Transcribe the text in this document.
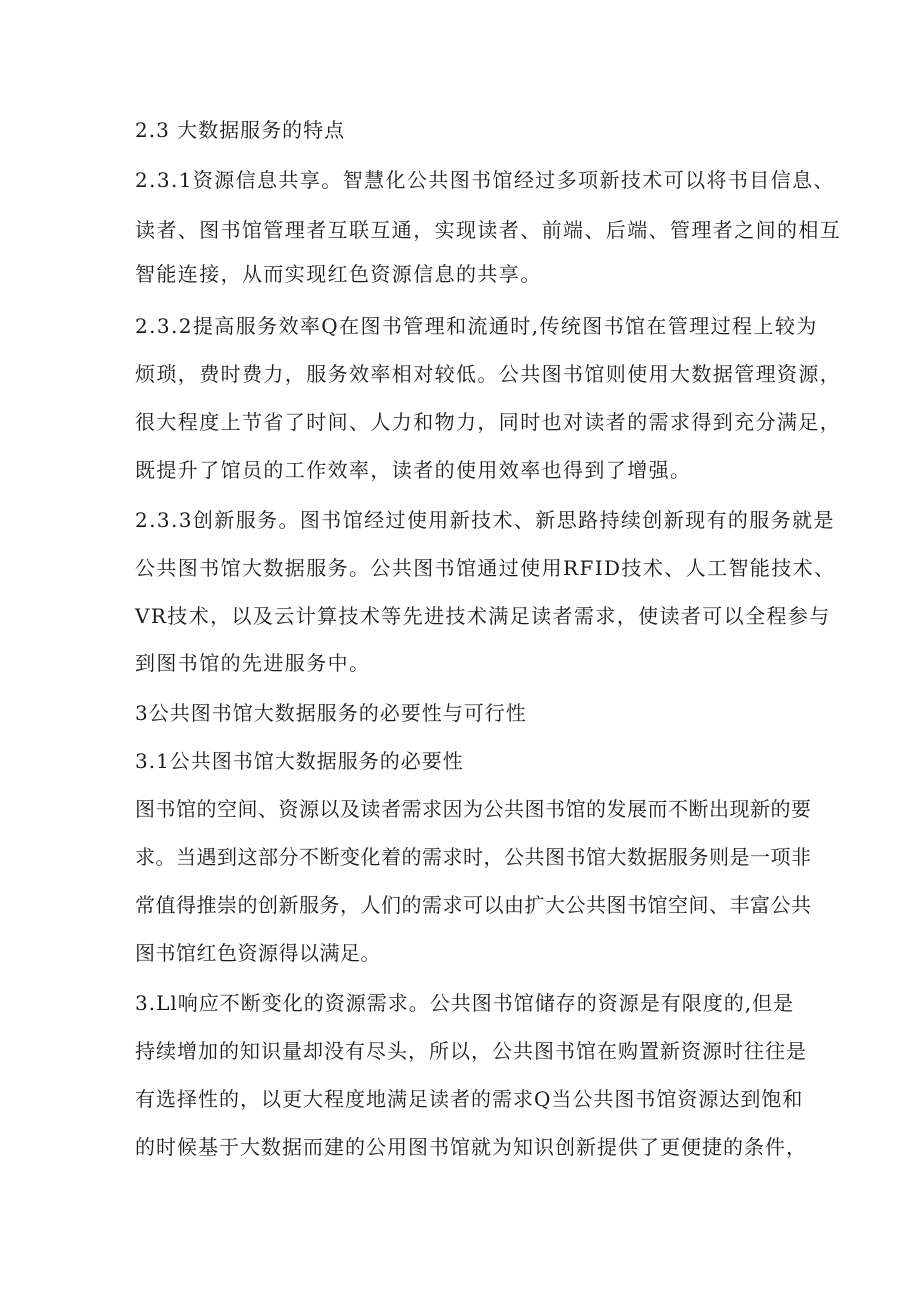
2.3 大数据服务的特点
2.3.1资源信息共享。智慧化公共图书馆经过多项新技术可以将书目信息、
读者、图书馆管理者互联互通，实现读者、前端、后端、管理者之间的相互
智能连接，从而实现红色资源信息的共享。
2.3.2提高服务效率Q在图书管理和流通时,传统图书馆在管理过程上较为
烦琐，费时费力，服务效率相对较低。公共图书馆则使用大数据管理资源，
很大程度上节省了时间、人力和物力，同时也对读者的需求得到充分满足，
既提升了馆员的工作效率，读者的使用效率也得到了增强。
2.3.3创新服务。图书馆经过使用新技术、新思路持续创新现有的服务就是
公共图书馆大数据服务。公共图书馆通过使用RFID技术、人工智能技术、
VR技术，以及云计算技术等先进技术满足读者需求，使读者可以全程参与
到图书馆的先进服务中。
3公共图书馆大数据服务的必要性与可行性
3.1公共图书馆大数据服务的必要性
图书馆的空间、资源以及读者需求因为公共图书馆的发展而不断出现新的要
求。当遇到这部分不断变化着的需求时，公共图书馆大数据服务则是一项非
常值得推崇的创新服务，人们的需求可以由扩大公共图书馆空间、丰富公共
图书馆红色资源得以满足。
3.Ll响应不断变化的资源需求。公共图书馆储存的资源是有限度的,但是
持续增加的知识量却没有尽头，所以，公共图书馆在购置新资源时往往是
有选择性的，以更大程度地满足读者的需求Q当公共图书馆资源达到饱和
的时候基于大数据而建的公用图书馆就为知识创新提供了更便捷的条件，
